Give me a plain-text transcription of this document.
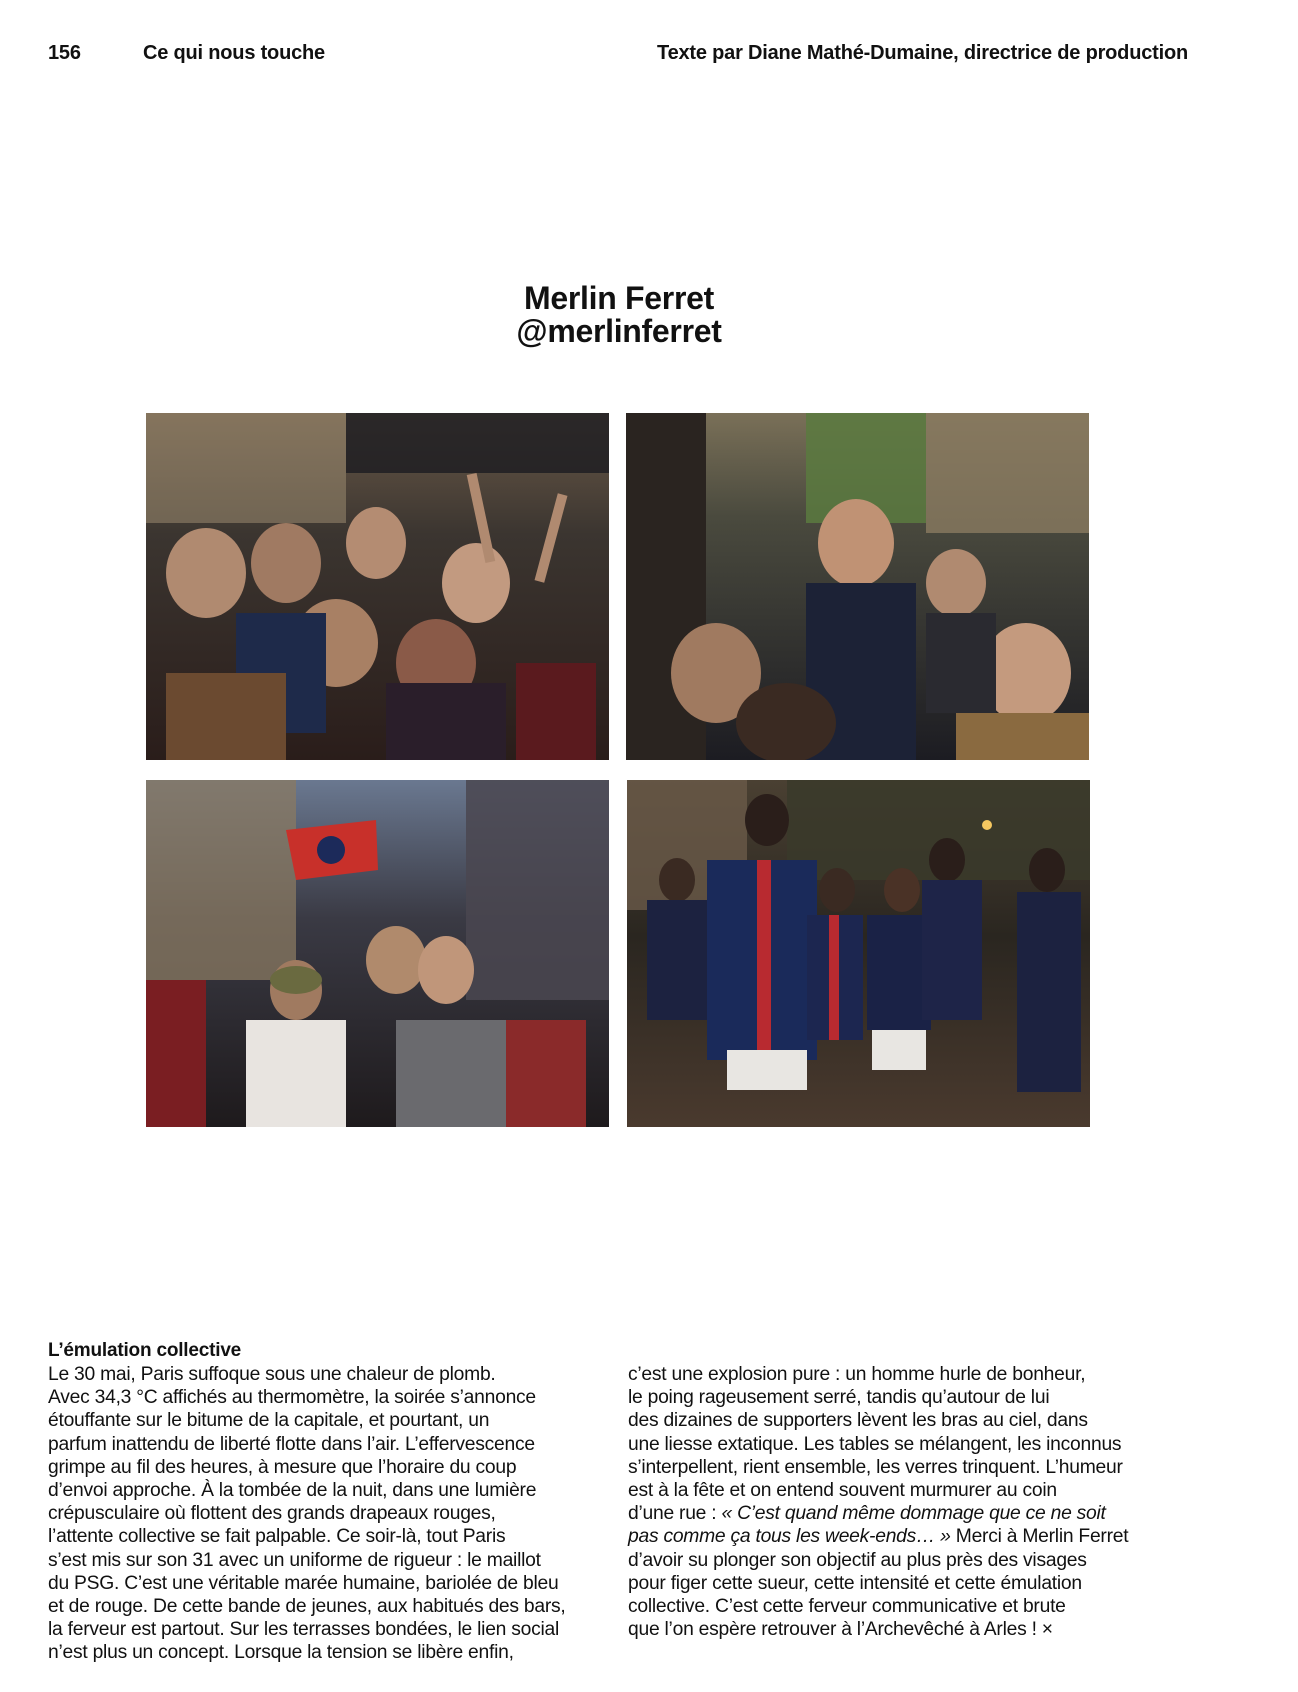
156	Ce qui nous touche	Texte par Diane Mathé-Dumaine, directrice de production
Merlin Ferret
@merlinferret
L’émulation collective

Le 30 mai, Paris suffoque sous une chaleur de plomb.
Avec 34,3 °C affichés au thermomètre, la soirée s’annonce
étouffante sur le bitume de la capitale, et pourtant, un
parfum inattendu de liberté flotte dans l’air. L’effervescence
grimpe au fil des heures, à mesure que l’horaire du coup
d’envoi approche. À la tombée de la nuit, dans une lumière
crépusculaire où flottent des grands drapeaux rouges,
l’attente collective se fait palpable. Ce soir-là, tout Paris
s’est mis sur son 31 avec un uniforme de rigueur : le maillot
du PSG. C’est une véritable marée humaine, bariolée de bleu
et de rouge. De cette bande de jeunes, aux habitués des bars,
la ferveur est partout. Sur les terrasses bondées, le lien social
n’est plus un concept. Lorsque la tension se libère enfin,

c’est une explosion pure : un homme hurle de bonheur,
le poing rageusement serré, tandis qu’autour de lui
des dizaines de supporters lèvent les bras au ciel, dans
une liesse extatique. Les tables se mélangent, les inconnus
s’interpellent, rient ensemble, les verres trinquent. L’humeur
est à la fête et on entend souvent murmurer au coin
d’une rue : « C’est quand même dommage que ce ne soit
pas comme ça tous les week-ends… » Merci à Merlin Ferret
d’avoir su plonger son objectif au plus près des visages
pour figer cette sueur, cette intensité et cette émulation
collective. C’est cette ferveur communicative et brute
que l’on espère retrouver à l’Archevêché à Arles ! ×
